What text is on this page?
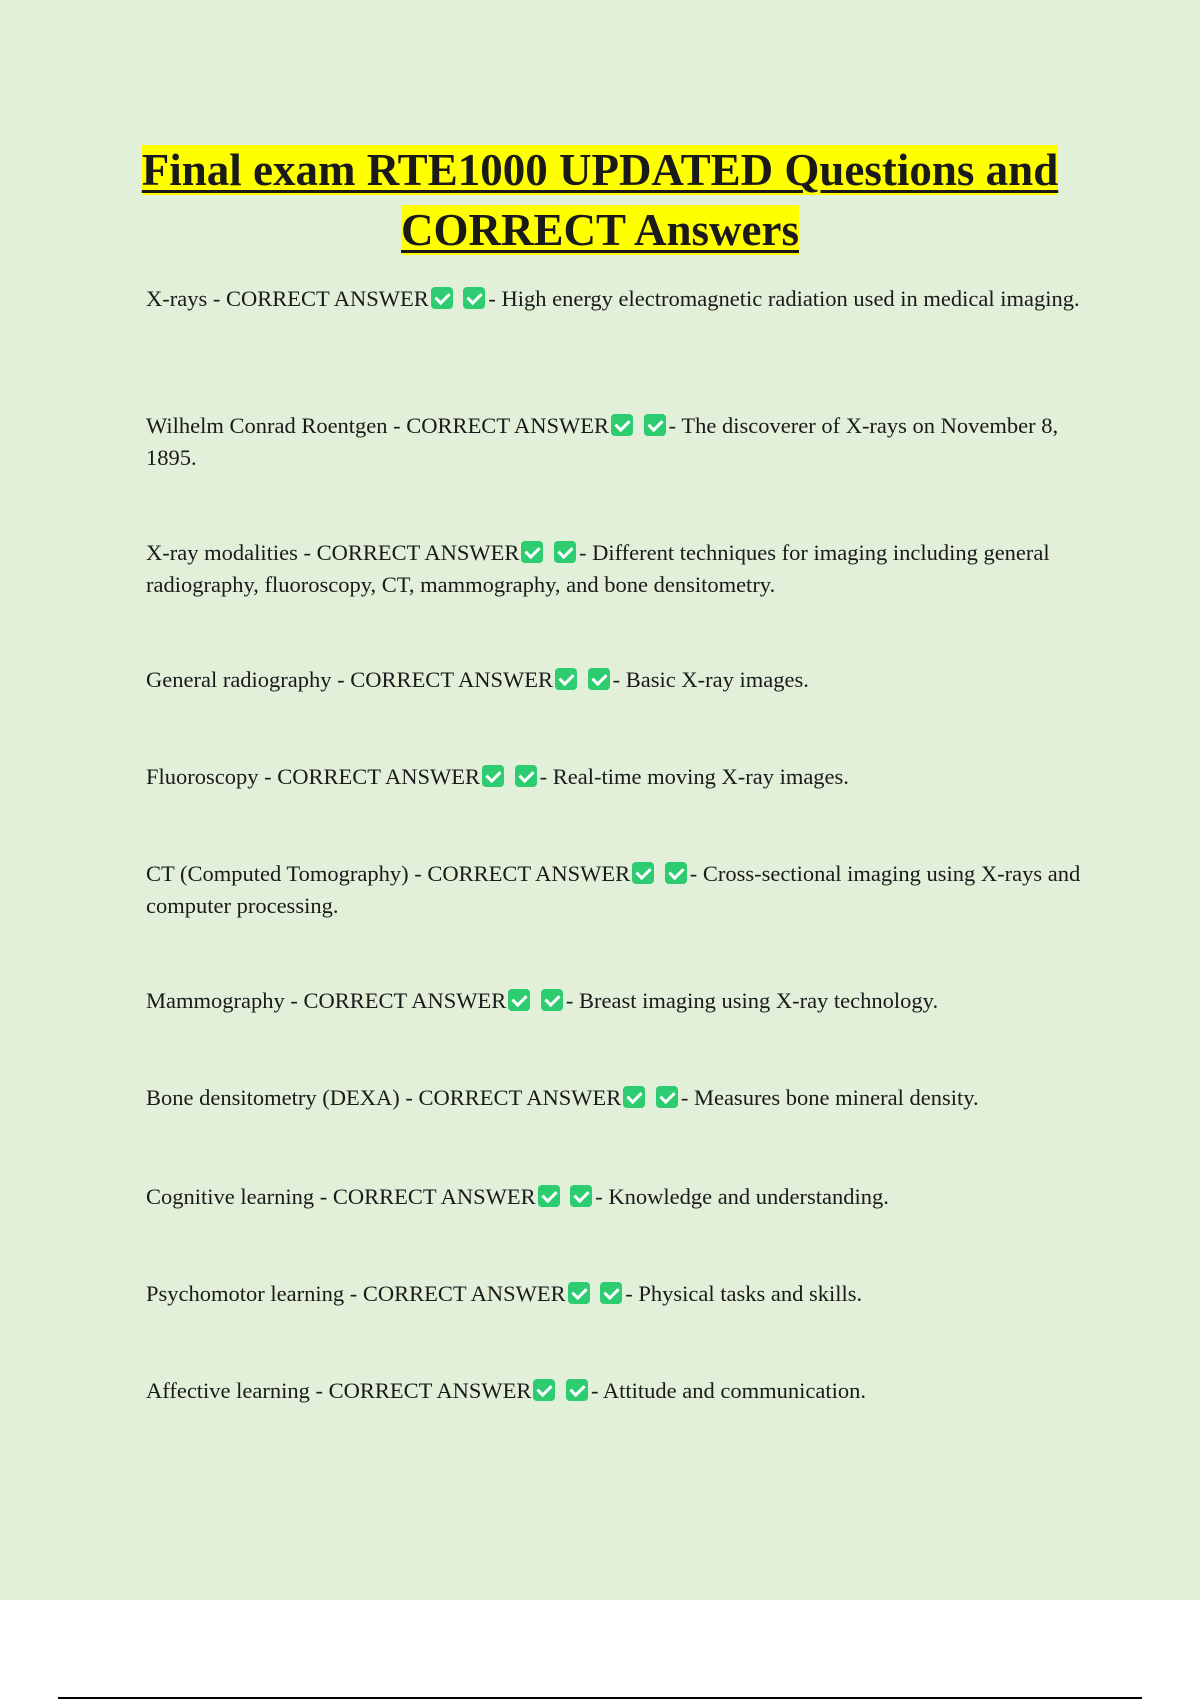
Final exam RTE1000 UPDATED Questions and CORRECT Answers

X-rays - CORRECT ANSWER	- High energy electromagnetic radiation used in medical imaging.

Wilhelm Conrad Roentgen - CORRECT ANSWER	- The discoverer of X-rays on November 8, 1895.

X-ray modalities - CORRECT ANSWER	- Different techniques for imaging including general radiography, fluoroscopy, CT, mammography, and bone densitometry.

General radiography - CORRECT ANSWER	- Basic X-ray images.

Fluoroscopy - CORRECT ANSWER	- Real-time moving X-ray images.

CT (Computed Tomography) - CORRECT ANSWER	- Cross-sectional imaging using X-rays and computer processing.

Mammography - CORRECT ANSWER	- Breast imaging using X-ray technology.

Bone densitometry (DEXA) - CORRECT ANSWER	- Measures bone mineral density.

Cognitive learning - CORRECT ANSWER	- Knowledge and understanding.

Psychomotor learning - CORRECT ANSWER	- Physical tasks and skills.

Affective learning - CORRECT ANSWER	- Attitude and communication.
